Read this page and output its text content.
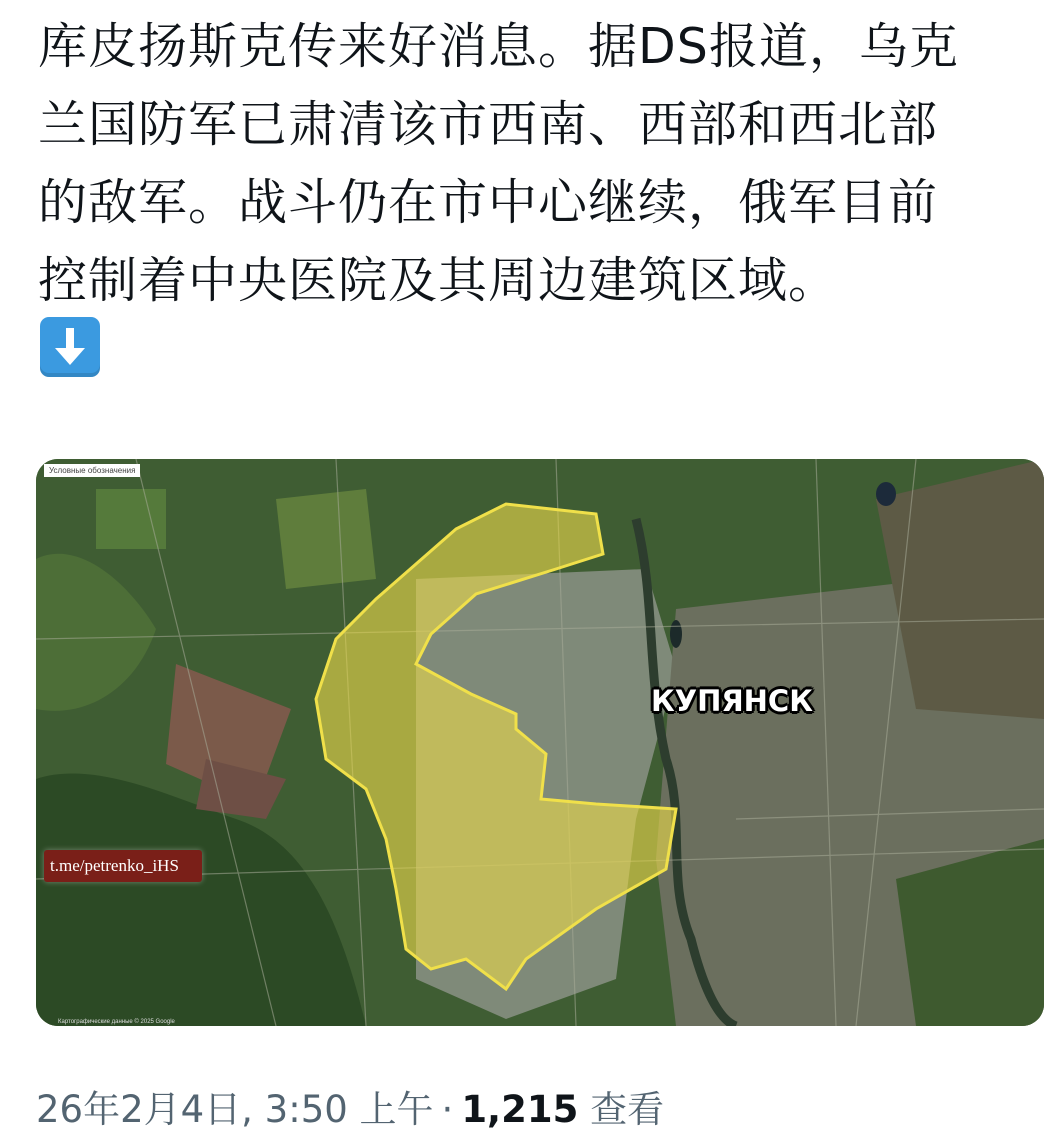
库皮扬斯克传来好消息。据DS报道，乌克
兰国防军已肃清该市西南、西部和西北部
的敌军。战斗仍在市中心继续，俄军目前
控制着中央医院及其周边建筑区域。
Условные обозначения
t.me/petrenko_iHS
КУПЯНСК
Картографические данные © 2025 Google
26年2月4日, 3:50 上午 · 1,215 查看
